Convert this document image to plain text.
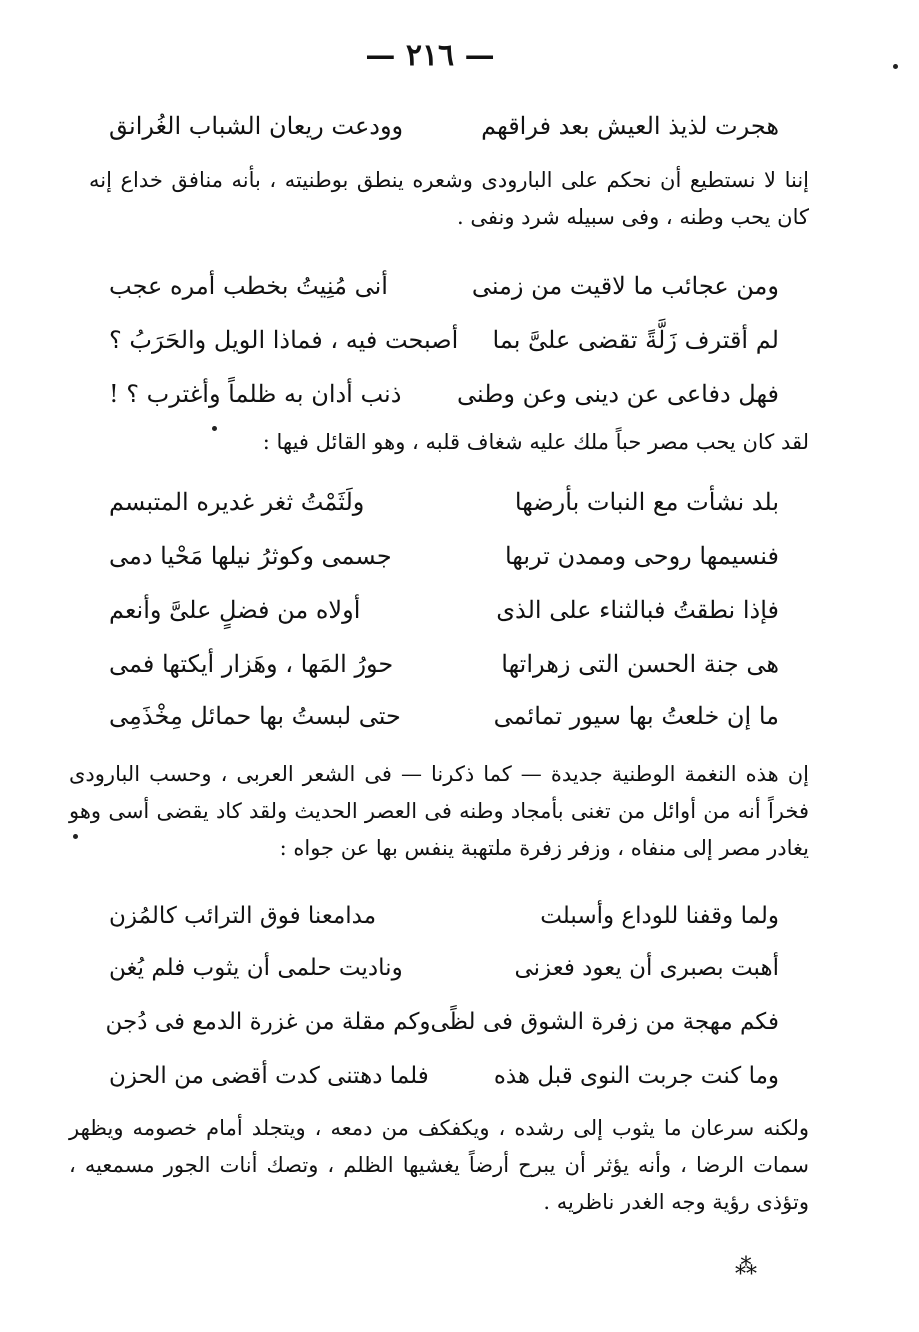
— ٢١٦ —
هجرت لذيذ العيش بعد فراقهم
وودعت ريعان الشباب الغُرانق
إننا لا نستطيع أن نحكم على البارودى وشعره ينطق بوطنيته ، بأنه منافق خداع إنه كان يحب وطنه ، وفى سبيله شرد ونفى .
ومن عجائب ما لاقيت من زمنى
أنى مُنِيتُ بخطب أمره عجب
لم أقترف زَلَّةً تقضى علىَّ بما
أصبحت فيه ، فماذا الويل والحَرَبُ ؟
فهل دفاعى عن دينى وعن وطنى
ذنب أدان به ظلماً وأغترب ؟ !
لقد كان يحب مصر حباً ملك عليه شغاف قلبه ، وهو القائل فيها :
بلد نشأت مع النبات بأرضها
ولَثَمْتُ ثغر غديره المتبسم
فنسيمها روحى وممدن تربها
جسمى وكوثرُ نيلها مَحْيا دمى
فإذا نطقتُ فبالثناء على الذى
أولاه من فضلٍ علىَّ وأنعم
هى جنة الحسن التى زهراتها
حورُ المَها ، وهَزار أيكتها فمى
ما إن خلعتُ بها سيور تمائمى
حتى لبستُ بها حمائل مِخْذَمِى
إن هذه النغمة الوطنية جديدة — كما ذكرنا — فى الشعر العربى ، وحسب البارودى فخراً أنه من أوائل من تغنى بأمجاد وطنه فى العصر الحديث ولقد كاد يقضى أسى وهو يغادر مصر إلى منفاه ، وزفر زفرة ملتهبة ينفس بها عن جواه :
ولما وقفنا للوداع وأسبلت
مدامعنا فوق الترائب كالمُزن
أهبت بصبرى أن يعود فعزنى
وناديت حلمى أن يثوب فلم يُغن
فكم مهجة من زفرة الشوق فى لظًى
وكم مقلة من غزرة الدمع فى دُجن
وما كنت جربت النوى قبل هذه
فلما دهتنى كدت أقضى من الحزن
ولكنه سرعان ما يثوب إلى رشده ، ويكفكف من دمعه ، ويتجلد أمام خصومه ويظهر سمات الرضا ، وأنه يؤثر أن يبرح أرضاً يغشيها الظلم ، وتصك أنات الجور مسمعيه ، وتؤذى رؤية وجه الغدر ناظريه .
⁂
